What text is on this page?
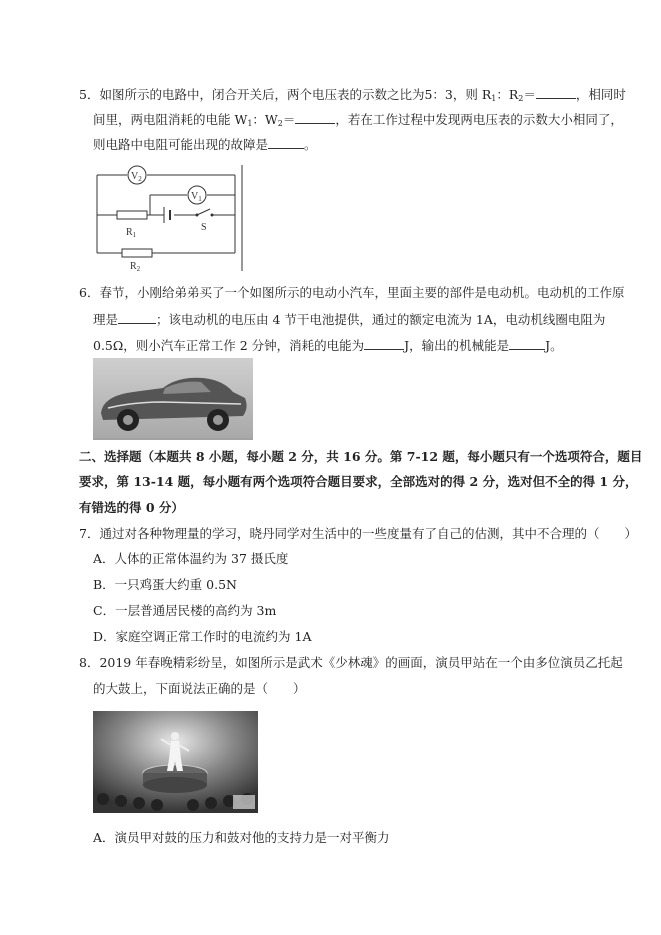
5．如图所示的电路中，闭合开关后，两个电压表的示数之比为5：3，则 $R_1$：$R_2=$	，相同时
间里，两电阻消耗的电能 $W_1$：$W_2=$	，若在工作过程中发现两电压表的示数大小相同了，
则电路中电阻可能出现的故障是	。
$V_2$
$V_1$
$R_1$
S
$R_2$
6．春节，小刚给弟弟买了一个如图所示的电动小汽车，里面主要的部件是电动机。电动机的工作原
理是	；该电动机的电压由 4 节干电池提供，通过的额定电流为 1A，电动机线圈电阻为
0.5Ω，则小汽车正常工作 2 分钟，消耗的电能为	J，输出的机械能是	J。
二、选择题（本题共 8 小题，每小题 2 分，共 16 分。第 7-12 题，每小题只有一个选项符合，题目
要求，第 13-14 题，每小题有两个选项符合题目要求，全部选对的得 2 分，选对但不全的得 1 分，
有错选的得 0 分）
7．通过对各种物理量的学习，晓丹同学对生活中的一些度量有了自己的估测，其中不合理的（　　）
A．人体的正常体温约为 37 摄氏度
B．一只鸡蛋大约重 0.5N
C．一层普通居民楼的高约为 3m
D．家庭空调正常工作时的电流约为 1A
8．2019 年春晚精彩纷呈，如图所示是武术《少林魂》的画面，演员甲站在一个由多位演员乙托起
的大鼓上，下面说法正确的是（　　）
A．演员甲对鼓的压力和鼓对他的支持力是一对平衡力
